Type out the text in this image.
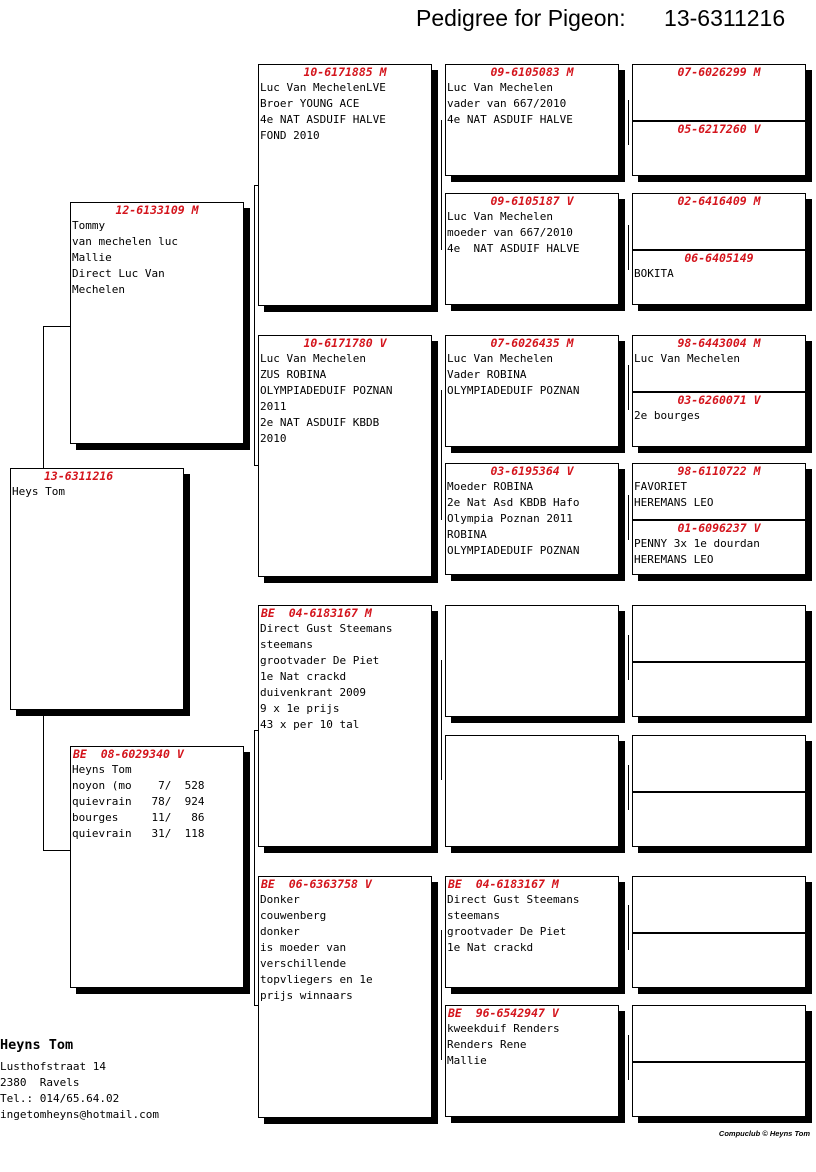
Pedigree for Pigeon: 13-6311216
13-6311216
Heys Tom
12-6133109 M
Tommy
van mechelen luc
Mallie
Direct Luc Van
Mechelen
BE  08-6029340 V
Heyns Tom
noyon (mo    7/  528
quievrain   78/  924
bourges     11/   86
quievrain   31/  118
10-6171885 M
Luc Van MechelenLVE
Broer YOUNG ACE
4e NAT ASDUIF HALVE
FOND 2010
10-6171780 V
Luc Van Mechelen
ZUS ROBINA
OLYMPIADEDUIF POZNAN
2011
2e NAT ASDUIF KBDB
2010
BE  04-6183167 M
Direct Gust Steemans
steemans
grootvader De Piet
1e Nat crackd
duivenkrant 2009
9 x 1e prijs
43 x per 10 tal
BE  06-6363758 V
Donker
couwenberg
donker
is moeder van
verschillende
topvliegers en 1e
prijs winnaars
09-6105083 M
Luc Van Mechelen
vader van 667/2010
4e NAT ASDUIF HALVE
09-6105187 V
Luc Van Mechelen
moeder van 667/2010
4e  NAT ASDUIF HALVE
07-6026435 M
Luc Van Mechelen
Vader ROBINA
OLYMPIADEDUIF POZNAN
03-6195364 V
Moeder ROBINA
2e Nat Asd KBDB Hafo
Olympia Poznan 2011
ROBINA
OLYMPIADEDUIF POZNAN
BE  04-6183167 M
Direct Gust Steemans
steemans
grootvader De Piet
1e Nat crackd
BE  96-6542947 V
kweekduif Renders
Renders Rene
Mallie
07-6026299 M
05-6217260 V
02-6416409 M
06-6405149
BOKITA
98-6443004 M
Luc Van Mechelen
03-6260071 V
2e bourges
98-6110722 M
FAVORIET
HEREMANS LEO
01-6096237 V
PENNY 3x 1e dourdan
HEREMANS LEO
Heyns Tom
Lusthofstraat 14
2380  Ravels
Tel.: 014/65.64.02
ingetomheyns@hotmail.com
Compuclub © Heyns Tom
